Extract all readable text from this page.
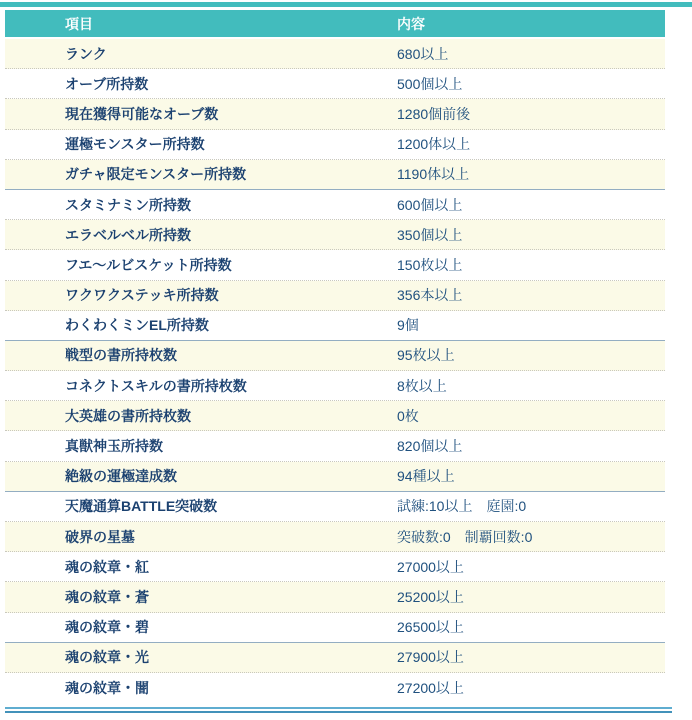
項目	内容
ランク	680以上
オーブ所持数	500個以上
現在獲得可能なオーブ数	1280個前後
運極モンスター所持数	1200体以上
ガチャ限定モンスター所持数	1190体以上
スタミナミン所持数	600個以上
エラベルベル所持数	350個以上
フエ〜ルビスケット所持数	150枚以上
ワクワクステッキ所持数	356本以上
わくわくミンEL所持数	9個
戦型の書所持枚数	95枚以上
コネクトスキルの書所持枚数	8枚以上
大英雄の書所持枚数	0枚
真獣神玉所持数	820個以上
絶級の運極達成数	94種以上
天魔通算BATTLE突破数	試練:10以上　庭園:0
破界の星墓	突破数:0　制覇回数:0
魂の紋章・紅	27000以上
魂の紋章・蒼	25200以上
魂の紋章・碧	26500以上
魂の紋章・光	27900以上
魂の紋章・闇	27200以上
